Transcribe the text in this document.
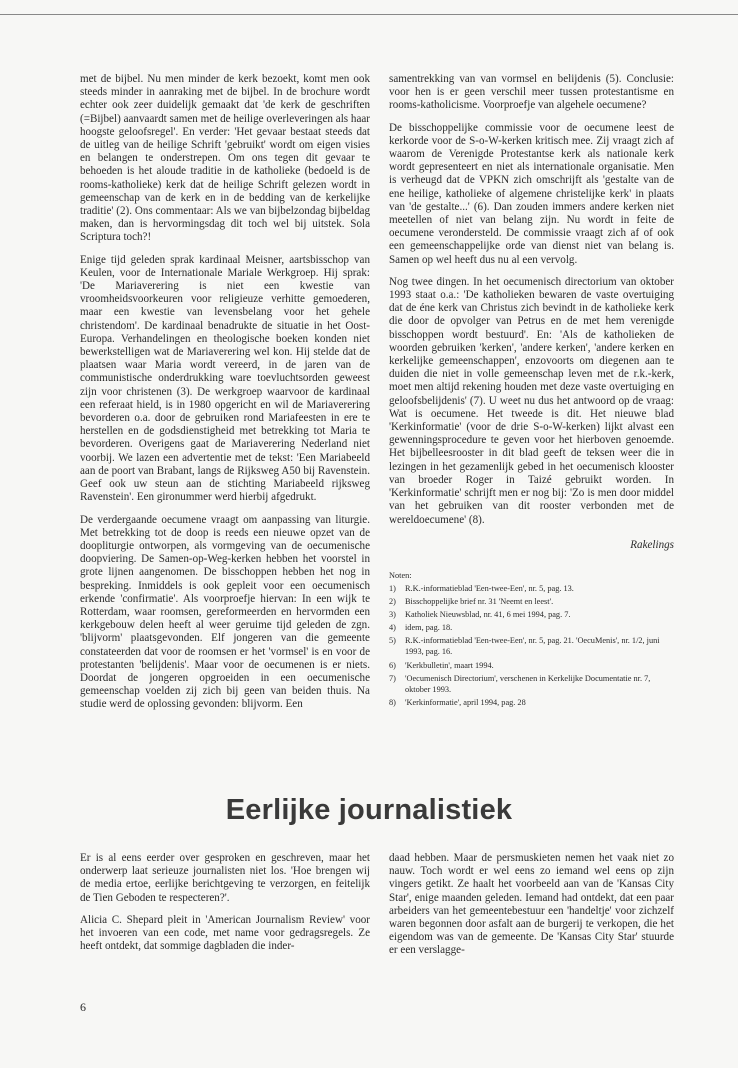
met de bijbel. Nu men minder de kerk bezoekt, komt men ook steeds minder in aanraking met de bijbel. In de brochure wordt echter ook zeer duidelijk gemaakt dat 'de kerk de geschriften (=Bijbel) aanvaardt samen met de heilige overleveringen als haar hoogste geloofsregel'. En verder: 'Het gevaar bestaat steeds dat de uitleg van de heilige Schrift 'gebruikt' wordt om eigen visies en belangen te onderstrepen. Om ons tegen dit gevaar te behoeden is het aloude traditie in de katholieke (bedoeld is de rooms-katholieke) kerk dat de heilige Schrift gelezen wordt in gemeenschap van de kerk en in de bedding van de kerkelijke traditie' (2). Ons commentaar: Als we van bijbelzondag bijbeldag maken, dan is hervormingsdag dit toch wel bij uitstek. Sola Scriptura toch?!

Enige tijd geleden sprak kardinaal Meisner, aartsbisschop van Keulen, voor de Internationale Mariale Werkgroep. Hij sprak: 'De Mariaverering is niet een kwestie van vroomheidsvoorkeuren voor religieuze verhitte gemoederen, maar een kwestie van levensbelang voor het gehele christendom'. De kardinaal benadrukte de situatie in het Oost-Europa. Verhandelingen en theologische boeken konden niet bewerkstelligen wat de Mariaverering wel kon. Hij stelde dat de plaatsen waar Maria wordt vereerd, in de jaren van de communistische onderdrukking ware toevluchtsorden geweest zijn voor christenen (3). De werkgroep waarvoor de kardinaal een referaat hield, is in 1980 opgericht en wil de Mariaverering bevorderen o.a. door de gebruiken rond Mariafeesten in ere te herstellen en de godsdienstigheid met betrekking tot Maria te bevorderen. Overigens gaat de Mariaverering Nederland niet voorbij. We lazen een advertentie met de tekst: 'Een Mariabeeld aan de poort van Brabant, langs de Rijksweg A50 bij Ravenstein. Geef ook uw steun aan de stichting Mariabeeld rijksweg Ravenstein'. Een gironummer werd hierbij afgedrukt.

De verdergaande oecumene vraagt om aanpassing van liturgie. Met betrekking tot de doop is reeds een nieuwe opzet van de doopliturgie ontworpen, als vormgeving van de oecumenische doopviering. De Samen-op-Weg-kerken hebben het voorstel in grote lijnen aangenomen. De bisschoppen hebben het nog in bespreking. Inmiddels is ook gepleit voor een oecumenisch erkende 'confirmatie'. Als voorproefje hiervan: In een wijk te Rotterdam, waar roomsen, gereformeerden en hervormden een kerkgebouw delen heeft al weer geruime tijd geleden de zgn. 'blijvorm' plaatsgevonden. Elf jongeren van die gemeente constateerden dat voor de roomsen er het 'vormsel' is en voor de protestanten 'belijdenis'. Maar voor de oecumenen is er niets. Doordat de jongeren opgroeiden in een oecumenische gemeenschap voelden zij zich bij geen van beiden thuis. Na studie werd de oplossing gevonden: blijvorm. Een

samentrekking van van vormsel en belijdenis (5). Conclusie: voor hen is er geen verschil meer tussen protestantisme en rooms-katholicisme. Voorproefje van algehele oecumene?

De bisschoppelijke commissie voor de oecumene leest de kerkorde voor de S-o-W-kerken kritisch mee. Zij vraagt zich af waarom de Verenigde Protestantse kerk als nationale kerk wordt gepresenteert en niet als internationale organisatie. Men is verheugd dat de VPKN zich omschrijft als 'gestalte van de ene heilige, katholieke of algemene christelijke kerk' in plaats van 'de gestalte...' (6). Dan zouden immers andere kerken niet meetellen of niet van belang zijn. Nu wordt in feite de oecumene verondersteld. De commissie vraagt zich af of ook een gemeenschappelijke orde van dienst niet van belang is. Samen op wel heeft dus nu al een vervolg.

Nog twee dingen. In het oecumenisch directorium van oktober 1993 staat o.a.: 'De katholieken bewaren de vaste overtuiging dat de éne kerk van Christus zich bevindt in de katholieke kerk die door de opvolger van Petrus en de met hem verenigde bisschoppen wordt bestuurd'. En: 'Als de katholieken de woorden gebruiken 'kerken', 'andere kerken', 'andere kerken en kerkelijke gemeenschappen', enzovoorts om diegenen aan te duiden die niet in volle gemeenschap leven met de r.k.-kerk, moet men altijd rekening houden met deze vaste overtuiging en geloofsbelijdenis' (7). U weet nu dus het antwoord op de vraag: Wat is oecumene. Het tweede is dit. Het nieuwe blad 'Kerkinformatie' (voor de drie S-o-W-kerken) lijkt alvast een gewenningsprocedure te geven voor het hierboven genoemde. Het bijbelleesrooster in dit blad geeft de teksen weer die in lezingen in het gezamenlijk gebed in het oecumenisch klooster van broeder Roger in Taizé gebruikt worden. In 'Kerkinformatie' schrijft men er nog bij: 'Zo is men door middel van het gebruiken van dit rooster verbonden met de wereldoecumene' (8).

Rakelings
Noten:
1)	R.K.-informatieblad 'Een-twee-Een', nr. 5, pag. 13.
2)	Bisschoppelijke brief nr. 31 'Neemt en leest'.
3)	Katholiek Nieuwsblad, nr. 41, 6 mei 1994, pag. 7.
4)	idem, pag. 18.
5)	R.K.-informatieblad 'Een-twee-Een', nr. 5, pag. 21. 'OecuMenis', nr. 1/2, juni 1993, pag. 16.
6)	'Kerkbulletin', maart 1994.
7)	'Oecumenisch Directorium', verschenen in Kerkelijke Documentatie nr. 7, oktober 1993.
8)	'Kerkinformatie', april 1994, pag. 28
Eerlijke journalistiek

Er is al eens eerder over gesproken en geschreven, maar het onderwerp laat serieuze journalisten niet los. 'Hoe brengen wij de media ertoe, eerlijke berichtgeving te verzorgen, en feitelijk de Tien Geboden te respecteren?'.

Alicia C. Shepard pleit in 'American Journalism Review' voor het invoeren van een code, met name voor gedragsregels. Ze heeft ontdekt, dat sommige dagbladen die inder-

daad hebben. Maar de persmuskieten nemen het vaak niet zo nauw. Toch wordt er wel eens zo iemand wel eens op zijn vingers getikt. Ze haalt het voorbeeld aan van de 'Kansas City Star', enige maanden geleden. Iemand had ontdekt, dat een paar arbeiders van het gemeentebestuur een 'handeltje' voor zichzelf waren begonnen door asfalt aan de burgerij te verkopen, die het eigendom was van de gemeente. De 'Kansas City Star' stuurde er een verslagge-

6
